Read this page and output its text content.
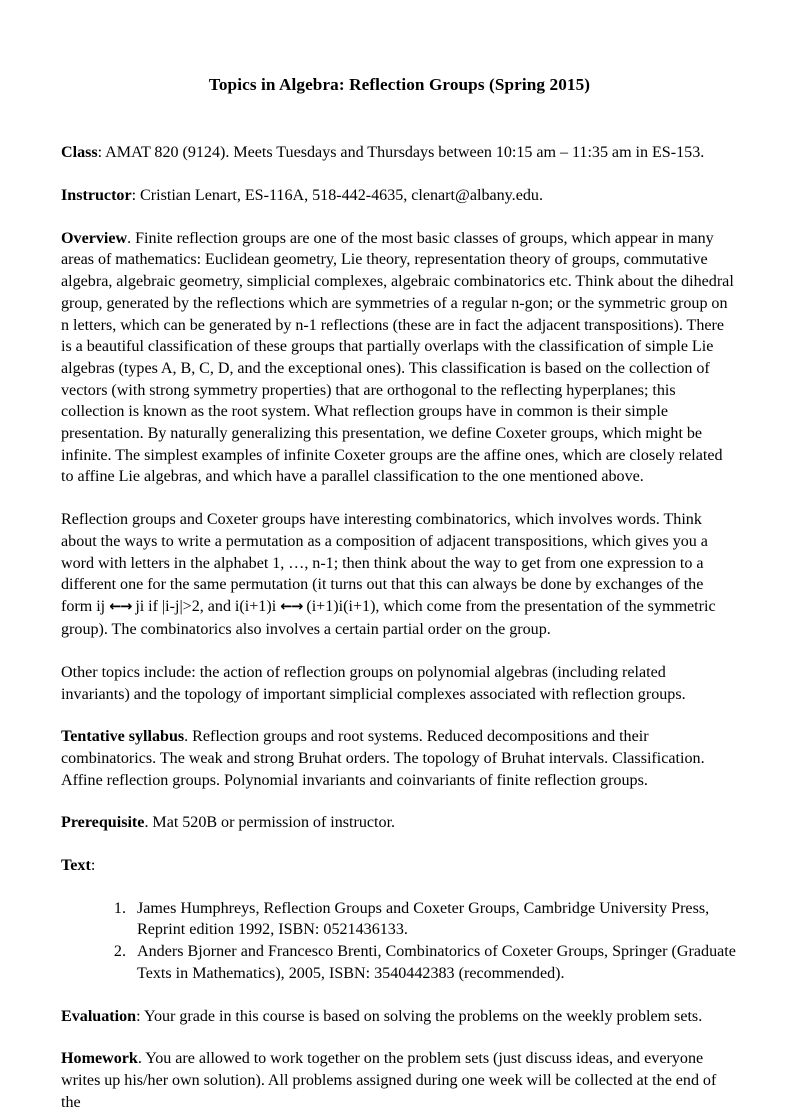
Topics in Algebra: Reflection Groups (Spring 2015)

Class: AMAT 820 (9124). Meets Tuesdays and Thursdays between 10:15 am – 11:35 am in ES-153.

Instructor: Cristian Lenart, ES-116A, 518-442-4635, clenart@albany.edu.

Overview. Finite reflection groups are one of the most basic classes of groups, which appear in many areas of mathematics: Euclidean geometry, Lie theory, representation theory of groups, commutative algebra, algebraic geometry, simplicial complexes, algebraic combinatorics etc. Think about the dihedral group, generated by the reflections which are symmetries of a regular n-gon; or the symmetric group on n letters, which can be generated by n-1 reflections (these are in fact the adjacent transpositions). There is a beautiful classification of these groups that partially overlaps with the classification of simple Lie algebras (types A, B, C, D, and the exceptional ones). This classification is based on the collection of vectors (with strong symmetry properties) that are orthogonal to the reflecting hyperplanes; this collection is known as the root system. What reflection groups have in common is their simple presentation. By naturally generalizing this presentation, we define Coxeter groups, which might be infinite. The simplest examples of infinite Coxeter groups are the affine ones, which are closely related to affine Lie algebras, and which have a parallel classification to the one mentioned above.

Reflection groups and Coxeter groups have interesting combinatorics, which involves words. Think about the ways to write a permutation as a composition of adjacent transpositions, which gives you a word with letters in the alphabet 1, …, n-1; then think about the way to get from one expression to a different one for the same permutation (it turns out that this can always be done by exchanges of the form ij ←→ ji if |i-j|>2, and i(i+1)i ←→ (i+1)i(i+1), which come from the presentation of the symmetric group). The combinatorics also involves a certain partial order on the group.

Other topics include: the action of reflection groups on polynomial algebras (including related invariants) and the topology of important simplicial complexes associated with reflection groups.

Tentative syllabus. Reflection groups and root systems. Reduced decompositions and their combinatorics. The weak and strong Bruhat orders. The topology of Bruhat intervals. Classification. Affine reflection groups. Polynomial invariants and coinvariants of finite reflection groups.

Prerequisite. Mat 520B or permission of instructor.

Text:

1. James Humphreys, Reflection Groups and Coxeter Groups, Cambridge University Press, Reprint edition 1992, ISBN: 0521436133.
2. Anders Bjorner and Francesco Brenti, Combinatorics of Coxeter Groups, Springer (Graduate Texts in Mathematics), 2005, ISBN: 3540442383 (recommended).

Evaluation: Your grade in this course is based on solving the problems on the weekly problem sets.

Homework. You are allowed to work together on the problem sets (just discuss ideas, and everyone writes up his/her own solution). All problems assigned during one week will be collected at the end of the
